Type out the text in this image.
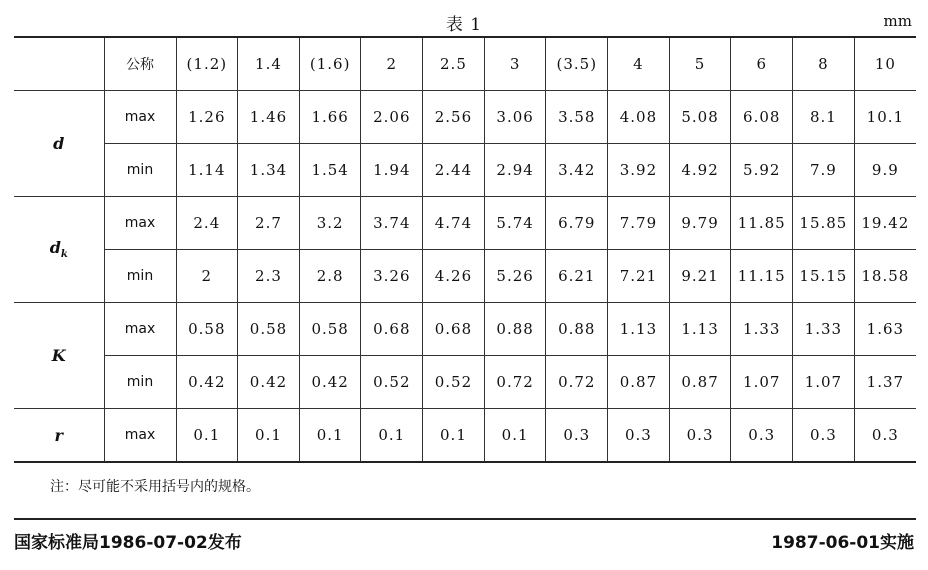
表 1	mm
	公称	(1.2)	1.4	(1.6)	2	2.5	3	(3.5)	4	5	6	8	10
d	max	1.26	1.46	1.66	2.06	2.56	3.06	3.58	4.08	5.08	6.08	8.1	10.1
	min	1.14	1.34	1.54	1.94	2.44	2.94	3.42	3.92	4.92	5.92	7.9	9.9
$d_k$	max	2.4	2.7	3.2	3.74	4.74	5.74	6.79	7.79	9.79	11.85	15.85	19.42
	min	2	2.3	2.8	3.26	4.26	5.26	6.21	7.21	9.21	11.15	15.15	18.58
K	max	0.58	0.58	0.58	0.68	0.68	0.88	0.88	1.13	1.13	1.33	1.33	1.63
	min	0.42	0.42	0.42	0.52	0.52	0.72	0.72	0.87	0.87	1.07	1.07	1.37
r	max	0.1	0.1	0.1	0.1	0.1	0.1	0.3	0.3	0.3	0.3	0.3	0.3
注：尽可能不采用括号内的规格。
国家标准局1986-07-02发布	1987-06-01实施
